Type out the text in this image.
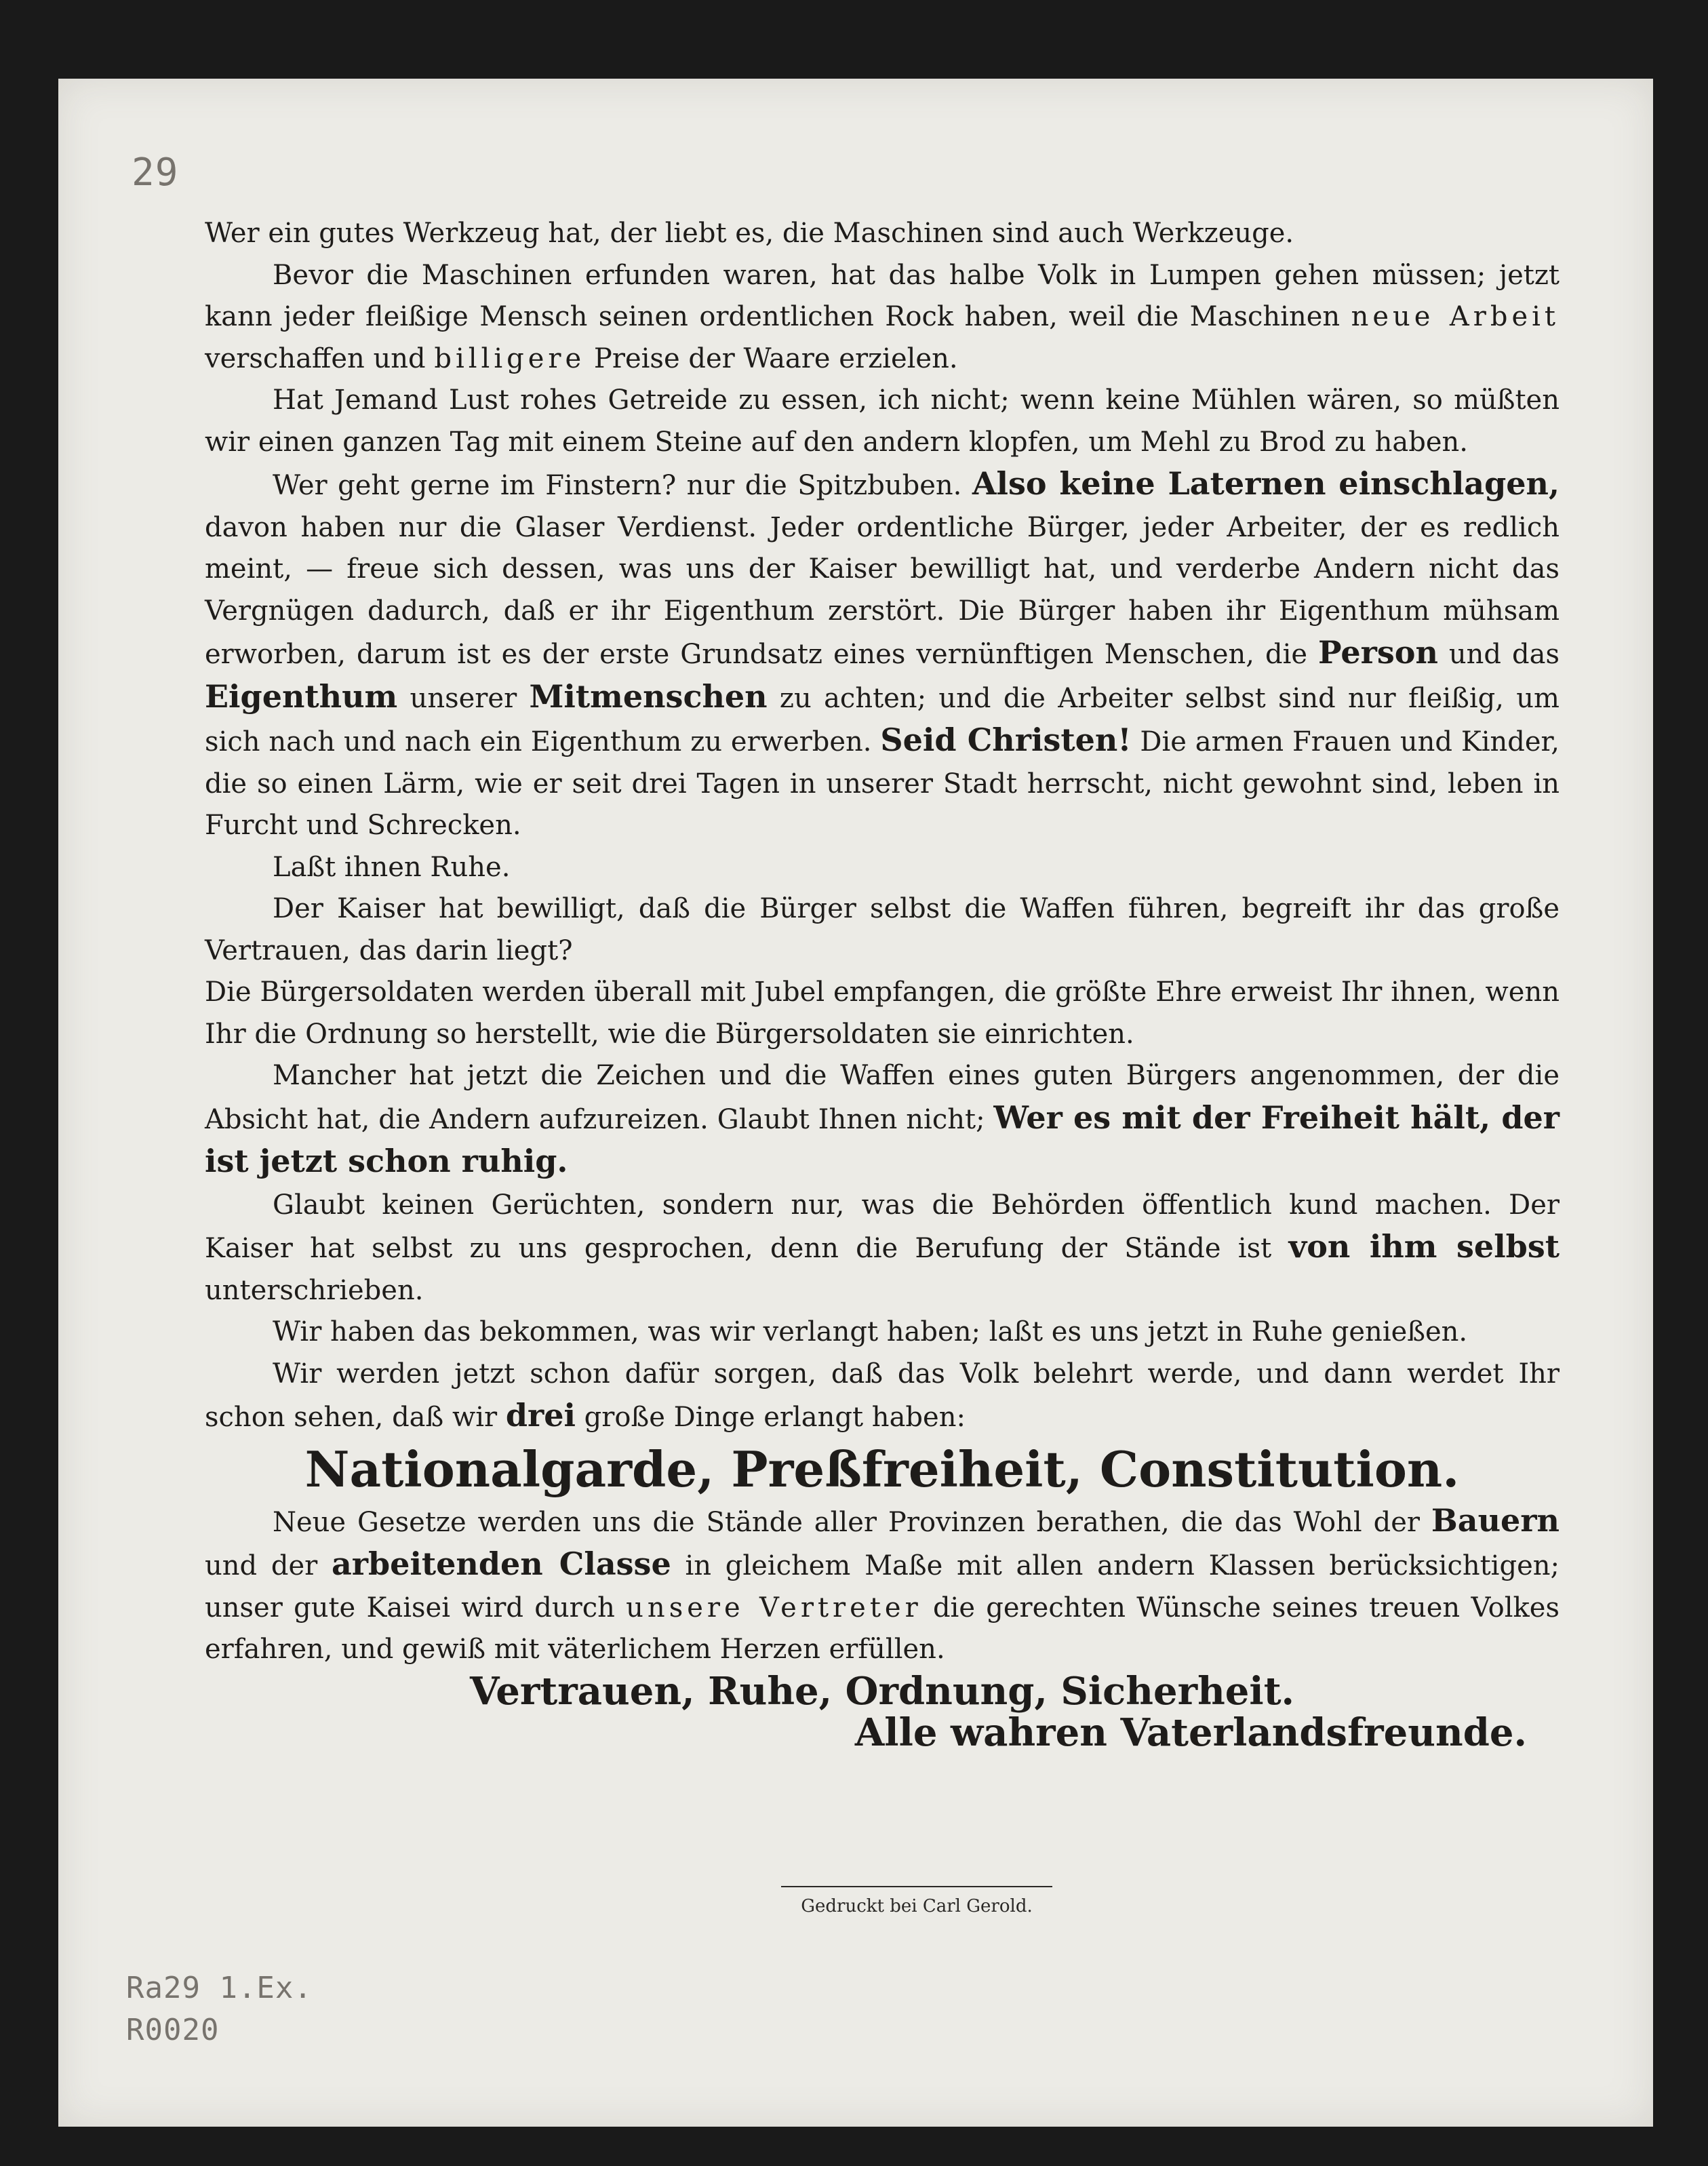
29

Wer ein gutes Werkzeug hat, der liebt es, die Maschinen sind auch Werkzeuge.

Bevor die Maschinen erfunden waren, hat das halbe Volk in Lumpen gehen müssen; jetzt kann jeder fleißige Mensch seinen ordentlichen Rock haben, weil die Maschinen neue Arbeit verschaffen und billigere Preise der Waare erzielen.

Hat Jemand Lust rohes Getreide zu essen, ich nicht; wenn keine Mühlen wären, so müßten wir einen ganzen Tag mit einem Steine auf den andern klopfen, um Mehl zu Brod zu haben.

Wer geht gerne im Finstern? nur die Spitzbuben. Also keine Laternen einschlagen, davon haben nur die Glaser Verdienst. Jeder ordentliche Bürger, jeder Arbeiter, der es redlich meint, — freue sich dessen, was uns der Kaiser bewilligt hat, und verderbe Andern nicht das Vergnügen dadurch, daß er ihr Eigenthum zerstört. Die Bürger haben ihr Eigenthum mühsam erworben, darum ist es der erste Grundsatz eines vernünftigen Menschen, die Person und das Eigenthum unserer Mitmenschen zu achten; und die Arbeiter selbst sind nur fleißig, um sich nach und nach ein Eigenthum zu erwerben. Seid Christen! Die armen Frauen und Kinder, die so einen Lärm, wie er seit drei Tagen in unserer Stadt herrscht, nicht gewohnt sind, leben in Furcht und Schrecken.

Laßt ihnen Ruhe.

Der Kaiser hat bewilligt, daß die Bürger selbst die Waffen führen, begreift ihr das große Vertrauen, das darin liegt?

Die Bürgersoldaten werden überall mit Jubel empfangen, die größte Ehre erweist Ihr ihnen, wenn Ihr die Ordnung so herstellt, wie die Bürgersoldaten sie einrichten.

Mancher hat jetzt die Zeichen und die Waffen eines guten Bürgers angenommen, der die Absicht hat, die Andern aufzureizen. Glaubt Ihnen nicht; Wer es mit der Freiheit hält, der ist jetzt schon ruhig.

Glaubt keinen Gerüchten, sondern nur, was die Behörden öffentlich kund machen. Der Kaiser hat selbst zu uns gesprochen, denn die Berufung der Stände ist von ihm selbst unterschrieben.

Wir haben das bekommen, was wir verlangt haben; laßt es uns jetzt in Ruhe genießen.

Wir werden jetzt schon dafür sorgen, daß das Volk belehrt werde, und dann werdet Ihr schon sehen, daß wir drei große Dinge erlangt haben:

Nationalgarde, Preßfreiheit, Constitution.

Neue Gesetze werden uns die Stände aller Provinzen berathen, die das Wohl der Bauern und der arbeitenden Classe in gleichem Maße mit allen andern Klassen berücksichtigen; unser gute Kaisei wird durch unsere Vertreter die gerechten Wünsche seines treuen Volkes erfahren, und gewiß mit väterlichem Herzen erfüllen.

Vertrauen, Ruhe, Ordnung, Sicherheit.

Alle wahren Vaterlandsfreunde.

Gedruckt bei Carl Gerold.
Ra29 1.Ex.
R0020
